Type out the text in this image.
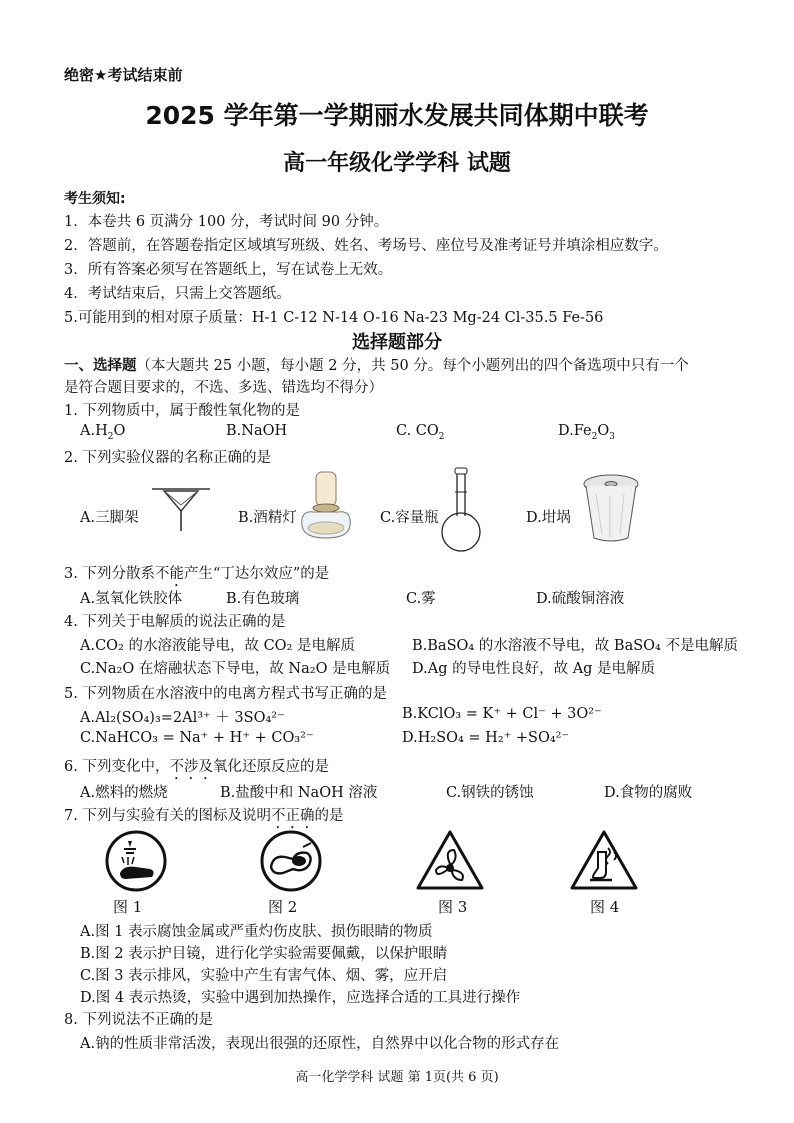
绝密★考试结束前
2025 学年第一学期丽水发展共同体期中联考
高一年级化学学科 试题
考生须知:
1．本卷共 6 页满分 100 分，考试时间 90 分钟。
2．答题前，在答题卷指定区域填写班级、姓名、考场号、座位号及准考证号并填涂相应数字。
3．所有答案必须写在答题纸上，写在试卷上无效。
4．考试结束后，只需上交答题纸。
5.可能用到的相对原子质量：H-1 C-12 N-14 O-16 Na-23 Mg-24 Cl-35.5 Fe-56
选择题部分
一、选择题（本大题共 25 小题，每小题 2 分，共 50 分。每个小题列出的四个备选项中只有一个
是符合题目要求的，不选、多选、错选均不得分）
1. 下列物质中，属于酸性氧化物的是
$A.H_2O$	B.NaOH	C. $CO_2$	$D.Fe_2O_3$
2. 下列实验仪器的名称正确的是
A.三脚架	B.酒精灯	C.容量瓶	D.坩埚
3. 下列分散系不能产生“丁达尔效应”的是
A.氢氧化铁胶体	B.有色玻璃	C.雾	D.硫酸铜溶液
4. 下列关于电解质的说法正确的是
A.CO₂ 的水溶液能导电，故 CO₂ 是电解质	B.BaSO₄ 的水溶液不导电，故 BaSO₄ 不是电解质
C.Na₂O 在熔融状态下导电，故 Na₂O 是电解质 D.Ag 的导电性良好，故 Ag 是电解质
5. 下列物质在水溶液中的电离方程式书写正确的是
A.Al₂(SO₄)₃=2Al³⁺ ＋ 3SO₄²⁻	B.KClO₃ = K⁺ + Cl⁻ + 3O²⁻
C.NaHCO₃ = Na⁺ + H⁺ + CO₃²⁻	D.H₂SO₄ = H₂⁺ +SO₄²⁻
6. 下列变化中，不涉及氧化还原反应的是
A.燃料的燃烧	B.盐酸中和 NaOH 溶液	C.钢铁的锈蚀	D.食物的腐败
7. 下列与实验有关的图标及说明不正确的是
图 1	图 2	图 3	图 4
A.图 1 表示腐蚀金属或严重灼伤皮肤、损伤眼睛的物质
B.图 2 表示护目镜，进行化学实验需要佩戴，以保护眼睛
C.图 3 表示排风，实验中产生有害气体、烟、雾，应开启
D.图 4 表示热烫，实验中遇到加热操作，应选择合适的工具进行操作
8. 下列说法不正确的是
A.钠的性质非常活泼，表现出很强的还原性，自然界中以化合物的形式存在
高一化学学科 试题 第 1页(共 6 页)
